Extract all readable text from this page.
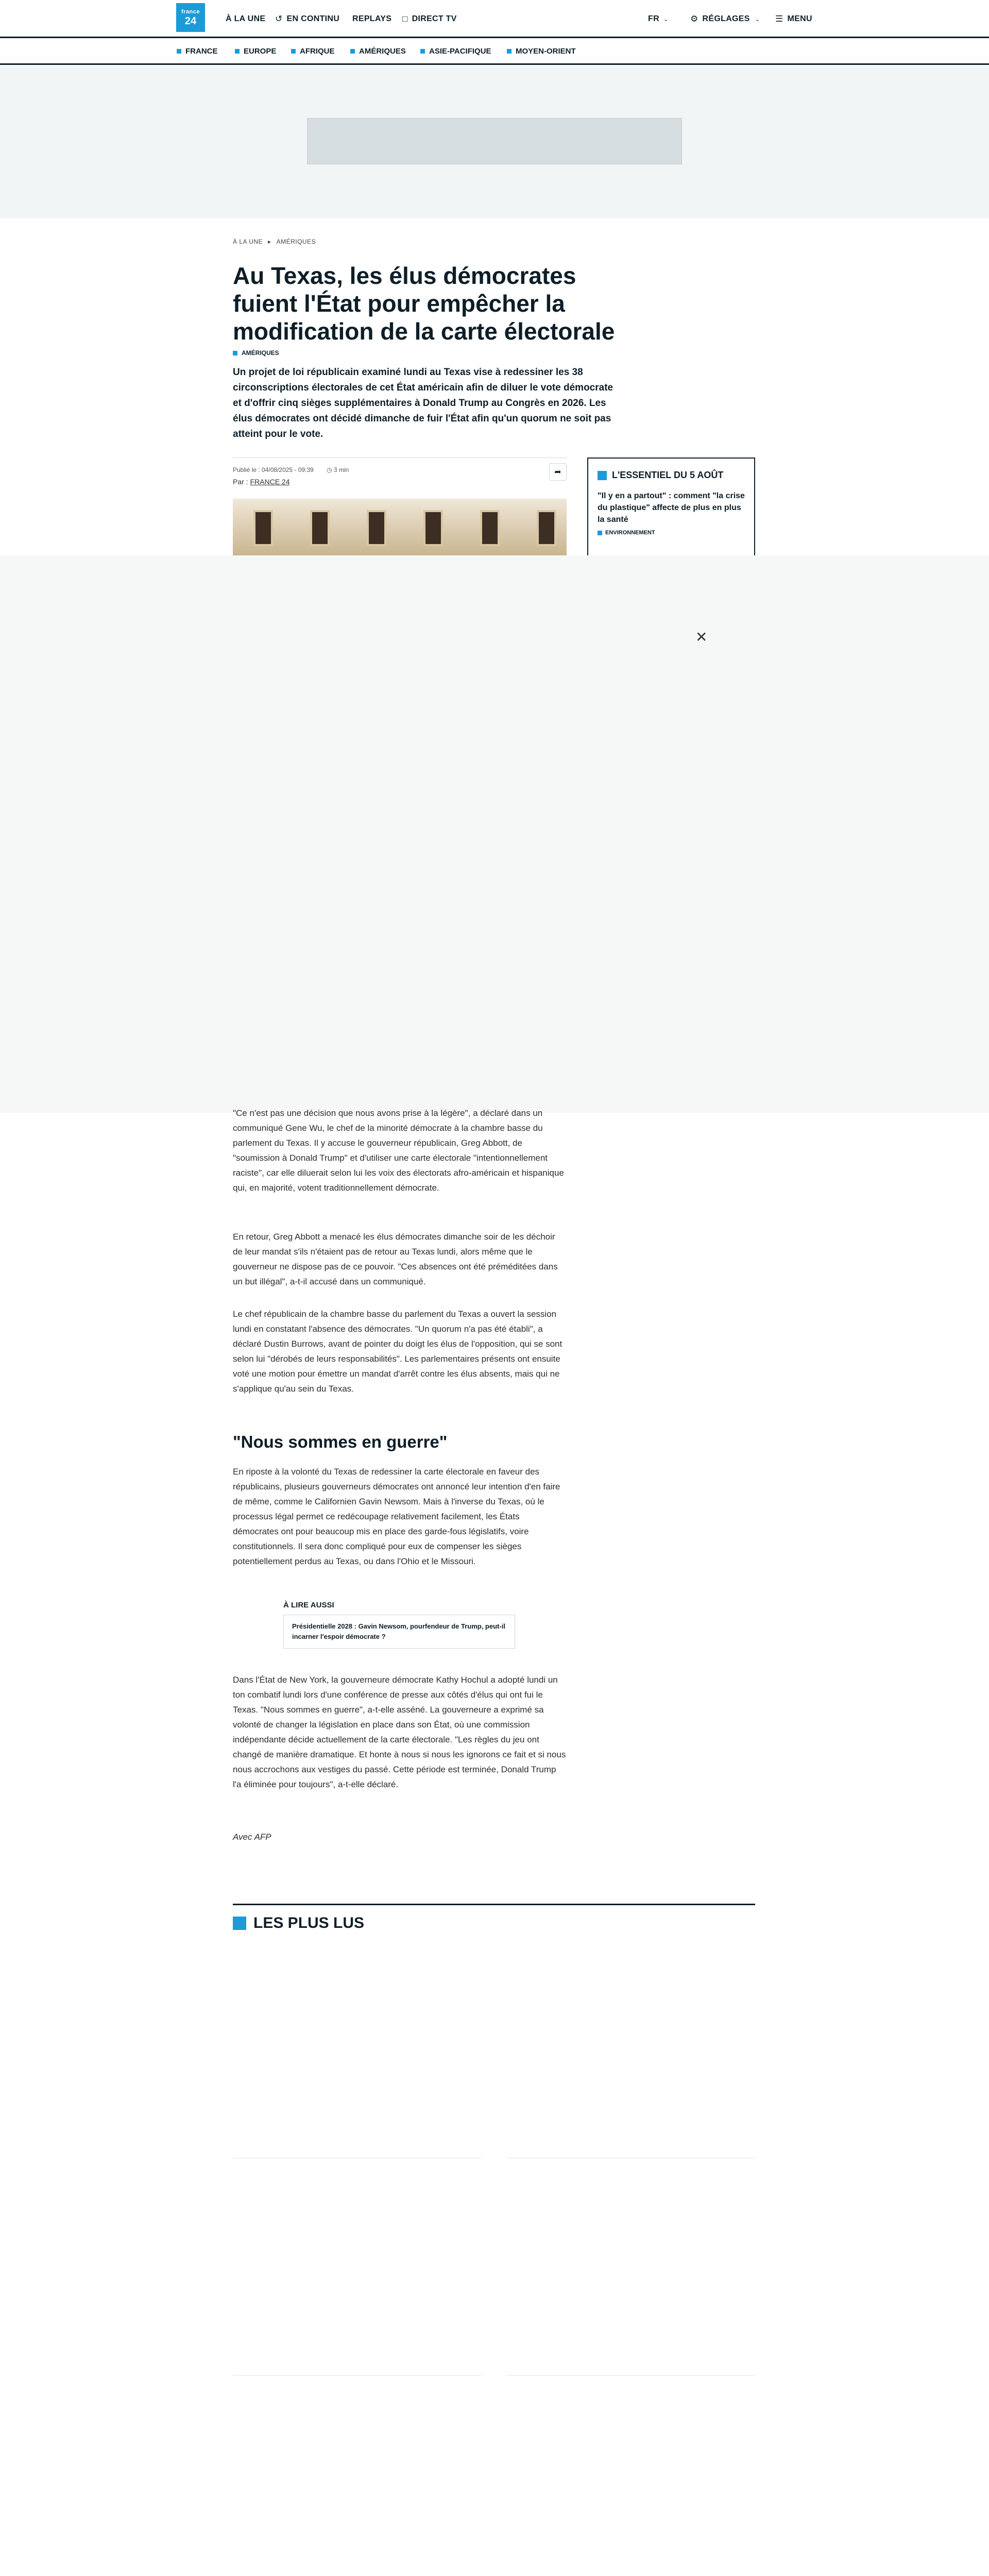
france
24	À LA UNE ↺ EN CONTINU REPLAYS □ DIRECT TV	FR ⌄	⚙ RÉGLAGES ⌄ ☰ MENU
FRANCE	EUROPE	AFRIQUE	AMÉRIQUES	ASIE-PACIFIQUE	MOYEN-ORIENT
À LA UNE ▸ AMÉRIQUES
Au Texas, les élus démocrates fuient l'État pour empêcher la modification de la carte électorale
AMÉRIQUES

Un projet de loi républicain examiné lundi au Texas vise à redessiner les 38 circonscriptions électorales de cet État américain afin de diluer le vote démocrate et d'offrir cinq sièges supplémentaires à Donald Trump au Congrès en 2026. Les élus démocrates ont décidé dimanche de fuir l'État afin qu'un quorum ne soit pas atteint pour le vote.

Publié le : 04/08/2025 - 09:39 ◷ 3 min
Par : FRANCE 24
➦	L'ESSENTIEL DU 5 AOÛT
"Il y en a partout" : comment "la crise du plastique" affecte de plus en plus la santé
ENVIRONNEMENT
✕

"Ce n'est pas une décision que nous avons prise à la légère", a déclaré dans un communiqué Gene Wu, le chef de la minorité démocrate à la chambre basse du parlement du Texas. Il y accuse le gouverneur républicain, Greg Abbott, de "soumission à Donald Trump" et d'utiliser une carte électorale "intentionnellement raciste", car elle diluerait selon lui les voix des électorats afro-américain et hispanique qui, en majorité, votent traditionnellement démocrate.

En retour, Greg Abbott a menacé les élus démocrates dimanche soir de les déchoir de leur mandat s'ils n'étaient pas de retour au Texas lundi, alors même que le gouverneur ne dispose pas de ce pouvoir. "Ces absences ont été préméditées dans un but illégal", a-t-il accusé dans un communiqué.

Le chef républicain de la chambre basse du parlement du Texas a ouvert la session lundi en constatant l'absence des démocrates. "Un quorum n'a pas été établi", a déclaré Dustin Burrows, avant de pointer du doigt les élus de l'opposition, qui se sont selon lui "dérobés de leurs responsabilités". Les parlementaires présents ont ensuite voté une motion pour émettre un mandat d'arrêt contre les élus absents, mais qui ne s'applique qu'au sein du Texas.

"Nous sommes en guerre"

En riposte à la volonté du Texas de redessiner la carte électorale en faveur des républicains, plusieurs gouverneurs démocrates ont annoncé leur intention d'en faire de même, comme le Californien Gavin Newsom. Mais à l'inverse du Texas, où le processus légal permet ce redécoupage relativement facilement, les États démocrates ont pour beaucoup mis en place des garde-fous législatifs, voire constitutionnels. Il sera donc compliqué pour eux de compenser les sièges potentiellement perdus au Texas, ou dans l'Ohio et le Missouri.

À LIRE AUSSI
Présidentielle 2028 : Gavin Newsom, pourfendeur de Trump, peut-il incarner l'espoir démocrate ?

Dans l'État de New York, la gouverneure démocrate Kathy Hochul a adopté lundi un ton combatif lundi lors d'une conférence de presse aux côtés d'élus qui ont fui le Texas. "Nous sommes en guerre", a-t-elle asséné. La gouverneure a exprimé sa volonté de changer la législation en place dans son État, où une commission indépendante décide actuellement de la carte électorale. "Les règles du jeu ont changé de manière dramatique. Et honte à nous si nous les ignorons ce fait et si nous nous accrochons aux vestiges du passé. Cette période est terminée, Donald Trump l'a éliminée pour toujours", a-t-elle déclaré.

Avec AFP

LES PLUS LUS
